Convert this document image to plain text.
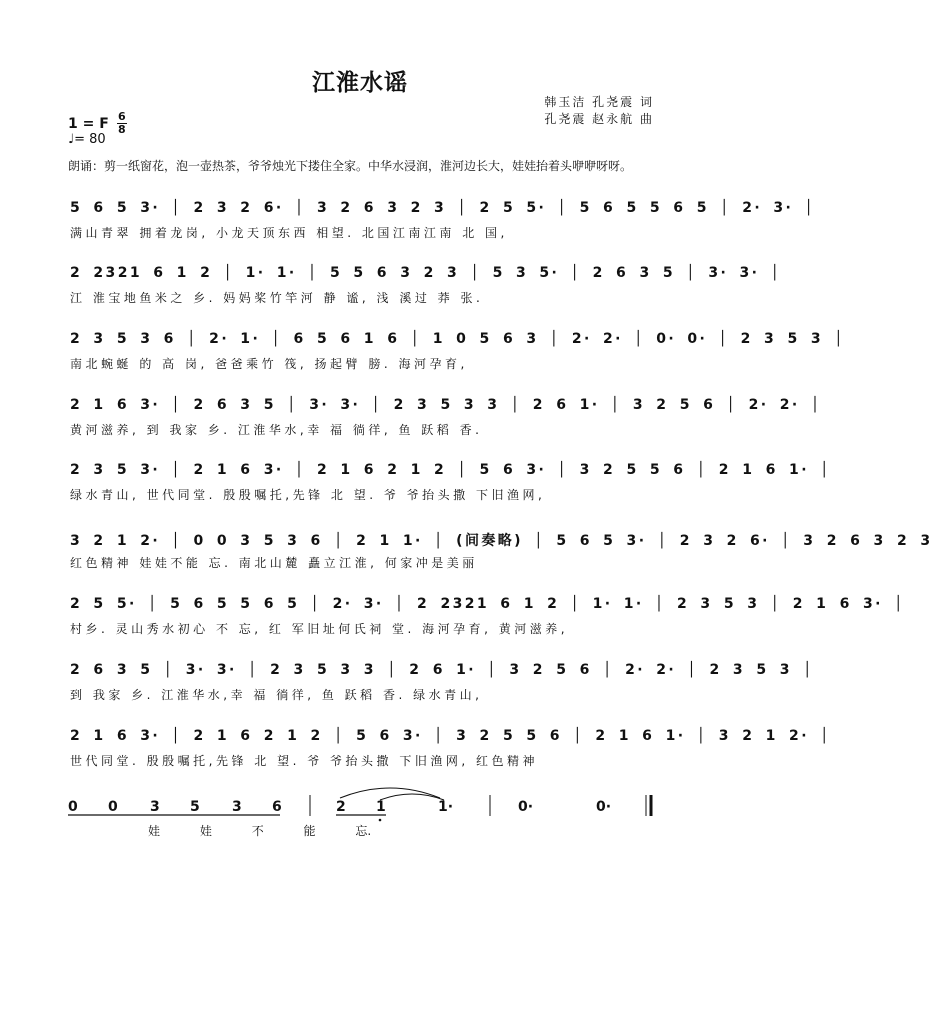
江淮水谣
韩玉洁 孔尧震 词
孔尧震 赵永航 曲
1 = F 6
8
♩= 80
朗诵：剪一纸窗花，泡一壶热茶，爷爷烛光下搂住全家。中华水浸润，淮河边长大，娃娃抬着头咿咿呀呀。
5 6 5 3· │ 2 3 2 6· │ 3 2 6 3 2 3 │ 2 5 5· │ 5 6 5 5 6 5 │ 2· 3· │
满山青翠 拥着龙岗, 小龙天顶东西 相望. 北国江南江南 北 国,
2 2321 6 1 2 │ 1· 1· │ 5 5 6 3 2 3 │ 5 3 5· │ 2 6 3 5 │ 3· 3· │
江 淮宝地鱼米之 乡. 妈妈桨竹竿河 静 谧, 浅 溪过 莽 张.
2 3 5 3 6 │ 2· 1· │ 6 5 6 1 6 │ 1 0 5 6 3 │ 2· 2· │ 0· 0· │ 2 3 5 3 │
南北蜿蜒 的 高 岗, 爸爸乘竹 筏, 扬起臂 膀. 海河孕育,
2 1 6 3· │ 2 6 3 5 │ 3· 3· │ 2 3 5 3 3 │ 2 6 1· │ 3 2 5 6 │ 2· 2· │
黄河滋养, 到 我家 乡. 江淮华水,幸 福 徜徉, 鱼 跃稻 香.
2 3 5 3· │ 2 1 6 3· │ 2 1 6 2 1 2 │ 5 6 3· │ 3 2 5 5 6 │ 2 1 6 1· │
绿水青山, 世代同堂. 殷殷嘱托,先锋 北 望. 爷 爷抬头撒 下旧渔网,
3 2 1 2· │ 0 0 3 5 3 6 │ 2 1 1· │ (间奏略) │ 5 6 5 3· │ 2 3 2 6· │ 3 2 6 3 2 3
红色精神 娃娃不能 忘. 南北山麓 矗立江淮, 何家冲是美丽
2 5 5· │ 5 6 5 5 6 5 │ 2· 3· │ 2 2321 6 1 2 │ 1· 1· │ 2 3 5 3 │ 2 1 6 3· │
村乡. 灵山秀水初心 不 忘, 红 军旧址何氏祠 堂. 海河孕育, 黄河滋养,
2 6 3 5 │ 3· 3· │ 2 3 5 3 3 │ 2 6 1· │ 3 2 5 6 │ 2· 2· │ 2 3 5 3 │
到 我家 乡. 江淮华水,幸 福 徜徉, 鱼 跃稻 香. 绿水青山,
2 1 6 3· │ 2 1 6 2 1 2 │ 5 6 3· │ 3 2 5 5 6 │ 2 1 6 1· │ 3 2 1 2· │
世代同堂. 殷殷嘱托,先锋 北 望. 爷 爷抬头撒 下旧渔网, 红色精神
0 0 3 5 3 6	2 1	1·	0·	0·
娃	娃	不	能	忘.
